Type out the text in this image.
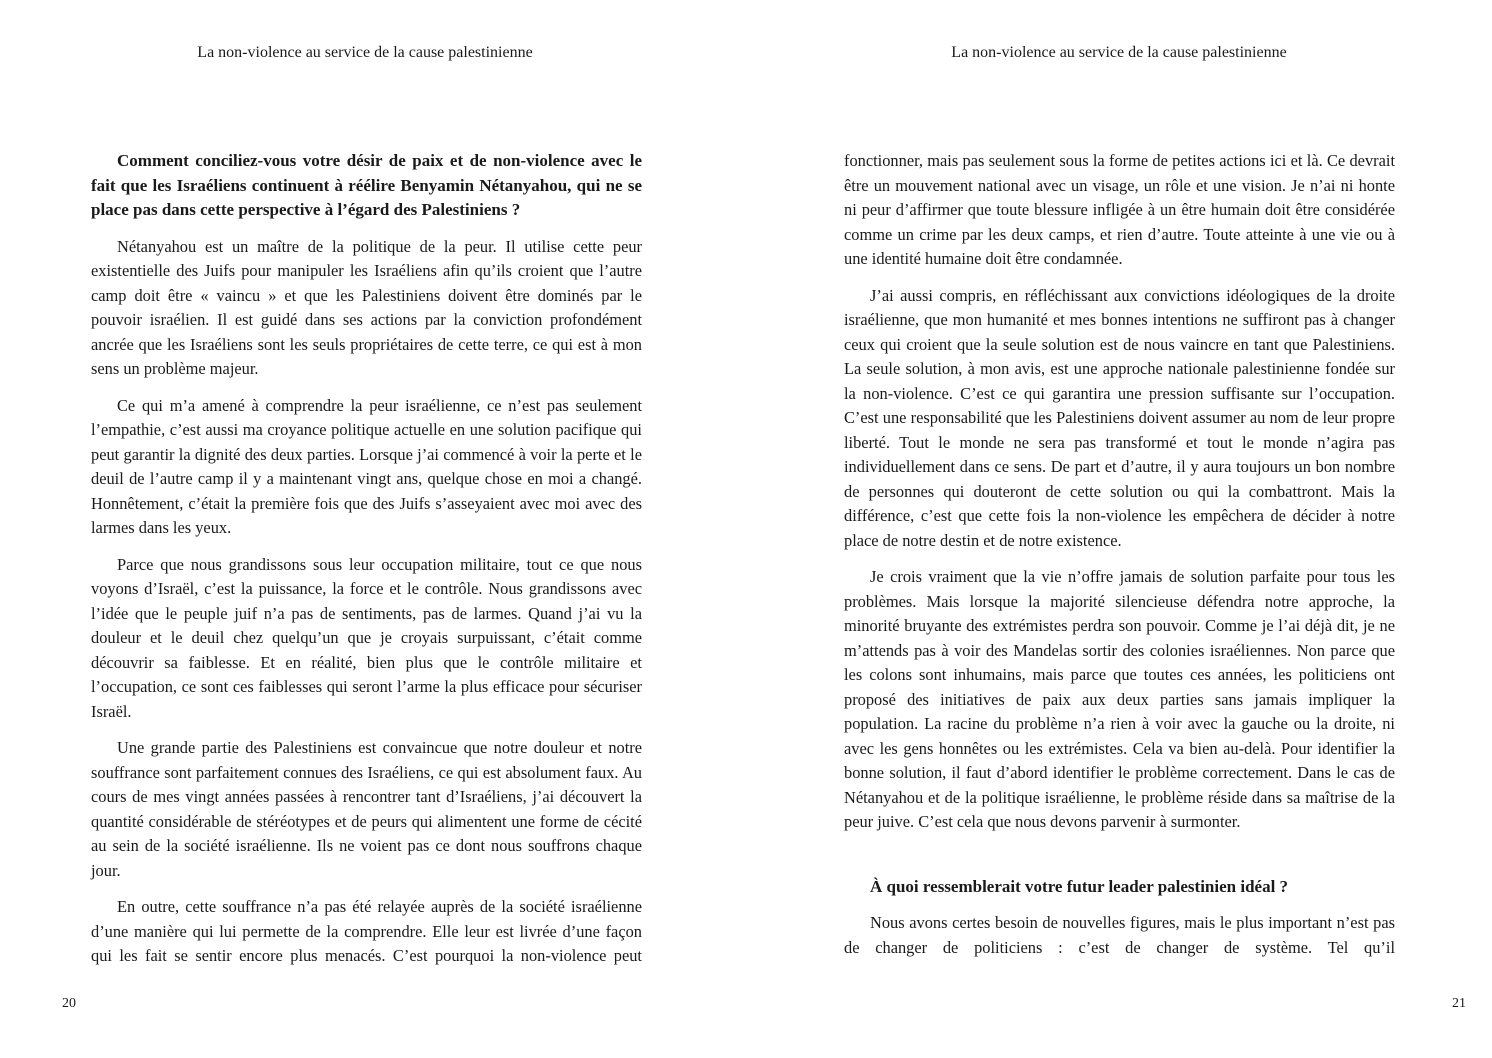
La non-violence au service de la cause palestinienne

Comment conciliez-vous votre désir de paix et de non-violence avec le fait que les Israéliens continuent à réélire Benyamin Nétanyahou, qui ne se place pas dans cette perspective à l’égard des Palestiniens ?

Nétanyahou est un maître de la politique de la peur. Il utilise cette peur existentielle des Juifs pour manipuler les Israéliens afin qu’ils croient que l’autre camp doit être « vaincu » et que les Palestiniens doivent être dominés par le pouvoir israélien. Il est guidé dans ses actions par la conviction profondément ancrée que les Israéliens sont les seuls propriétaires de cette terre, ce qui est à mon sens un problème majeur.

Ce qui m’a amené à comprendre la peur israélienne, ce n’est pas seulement l’empathie, c’est aussi ma croyance politique actuelle en une solution pacifique qui peut garantir la dignité des deux parties. Lorsque j’ai commencé à voir la perte et le deuil de l’autre camp il y a maintenant vingt ans, quelque chose en moi a changé. Honnêtement, c’était la première fois que des Juifs s’asseyaient avec moi avec des larmes dans les yeux.

Parce que nous grandissons sous leur occupation militaire, tout ce que nous voyons d’Israël, c’est la puissance, la force et le contrôle. Nous grandissons avec l’idée que le peuple juif n’a pas de sentiments, pas de larmes. Quand j’ai vu la douleur et le deuil chez quelqu’un que je croyais surpuissant, c’était comme découvrir sa faiblesse. Et en réalité, bien plus que le contrôle militaire et l’occupation, ce sont ces faiblesses qui seront l’arme la plus efficace pour sécuriser Israël.

Une grande partie des Palestiniens est convaincue que notre douleur et notre souffrance sont parfaitement connues des Israéliens, ce qui est absolument faux. Au cours de mes vingt années passées à rencontrer tant d’Israéliens, j’ai découvert la quantité considérable de stéréotypes et de peurs qui alimentent une forme de cécité au sein de la société israélienne. Ils ne voient pas ce dont nous souffrons chaque jour.

En outre, cette souffrance n’a pas été relayée auprès de la société israélienne d’une manière qui lui permette de la comprendre. Elle leur est livrée d’une façon qui les fait se sentir encore plus menacés. C’est pourquoi la non-violence peut

20
La non-violence au service de la cause palestinienne

fonctionner, mais pas seulement sous la forme de petites actions ici et là. Ce devrait être un mouvement national avec un visage, un rôle et une vision. Je n’ai ni honte ni peur d’affirmer que toute blessure infligée à un être humain doit être considérée comme un crime par les deux camps, et rien d’autre. Toute atteinte à une vie ou à une identité humaine doit être condamnée.

J’ai aussi compris, en réfléchissant aux convictions idéologiques de la droite israélienne, que mon humanité et mes bonnes intentions ne suffiront pas à changer ceux qui croient que la seule solution est de nous vaincre en tant que Palestiniens. La seule solution, à mon avis, est une approche nationale palestinienne fondée sur la non-violence. C’est ce qui garantira une pression suffisante sur l’occupation. C’est une responsabilité que les Palestiniens doivent assumer au nom de leur propre liberté. Tout le monde ne sera pas transformé et tout le monde n’agira pas individuellement dans ce sens. De part et d’autre, il y aura toujours un bon nombre de personnes qui douteront de cette solution ou qui la combattront. Mais la différence, c’est que cette fois la non-violence les empêchera de décider à notre place de notre destin et de notre existence.

Je crois vraiment que la vie n’offre jamais de solution parfaite pour tous les problèmes. Mais lorsque la majorité silencieuse défendra notre approche, la minorité bruyante des extrémistes perdra son pouvoir. Comme je l’ai déjà dit, je ne m’attends pas à voir des Mandelas sortir des colonies israéliennes. Non parce que les colons sont inhumains, mais parce que toutes ces années, les politiciens ont proposé des initiatives de paix aux deux parties sans jamais impliquer la population. La racine du problème n’a rien à voir avec la gauche ou la droite, ni avec les gens honnêtes ou les extrémistes. Cela va bien au-delà. Pour identifier la bonne solution, il faut d’abord identifier le problème correctement. Dans le cas de Nétanyahou et de la politique israélienne, le problème réside dans sa maîtrise de la peur juive. C’est cela que nous devons parvenir à surmonter.

À quoi ressemblerait votre futur leader palestinien idéal ?

Nous avons certes besoin de nouvelles figures, mais le plus important n’est pas de changer de politiciens : c’est de changer de système. Tel qu’il

21
